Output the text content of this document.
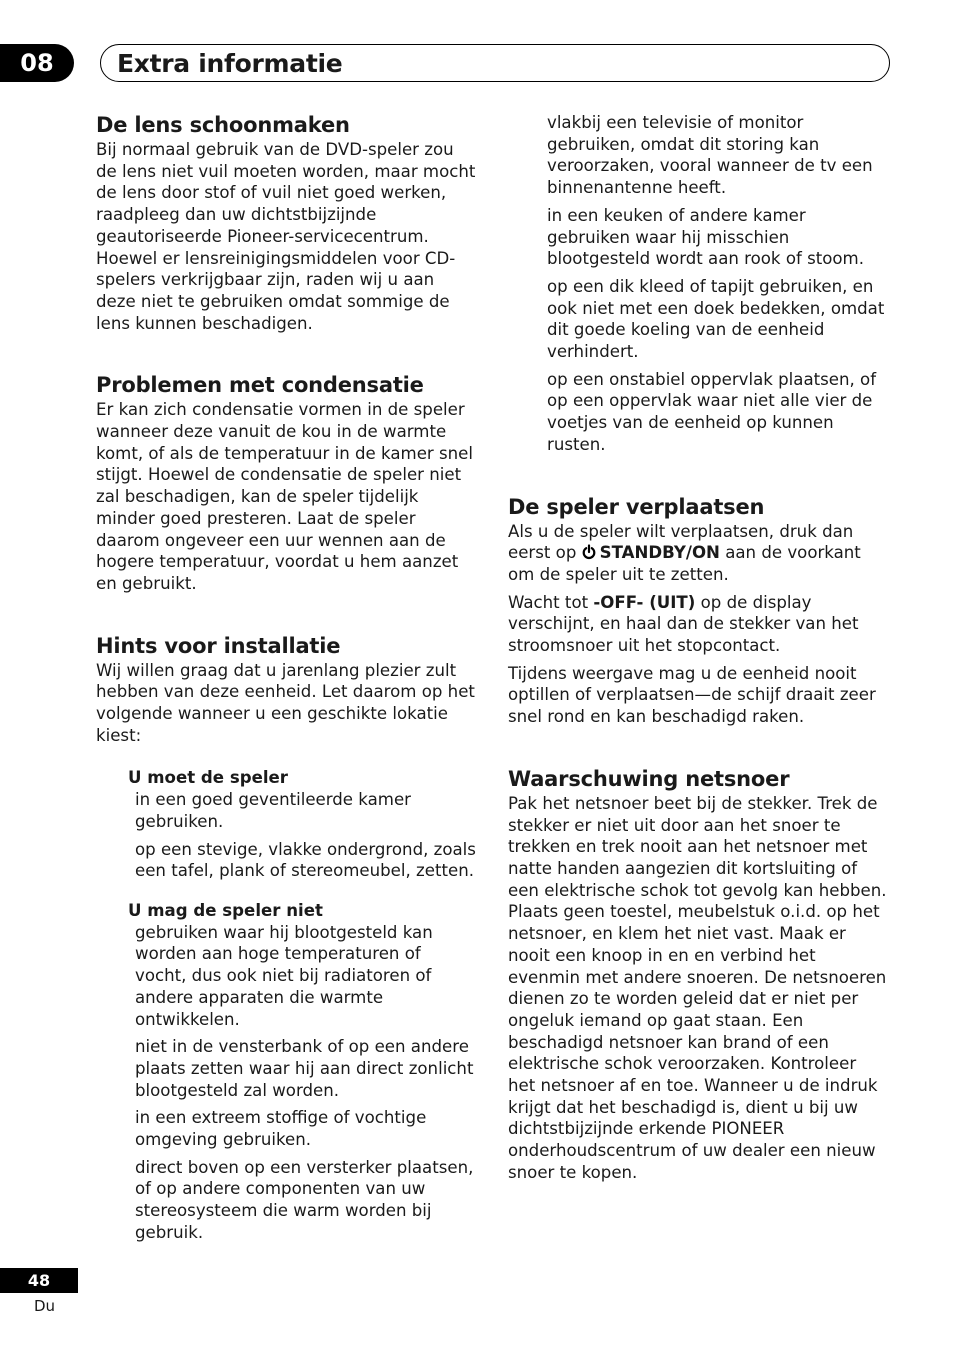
08	Extra informatie
De lens schoonmaken

Bij normaal gebruik van de DVD-speler zou
de lens niet vuil moeten worden, maar mocht
de lens door stof of vuil niet goed werken,
raadpleeg dan uw dichtstbijzijnde
geautoriseerde Pioneer-servicecentrum.
Hoewel er lensreinigingsmiddelen voor CD-
spelers verkrijgbaar zijn, raden wij u aan
deze niet te gebruiken omdat sommige de
lens kunnen beschadigen.

Problemen met condensatie

Er kan zich condensatie vormen in de speler
wanneer deze vanuit de kou in de warmte
komt, of als de temperatuur in de kamer snel
stijgt. Hoewel de condensatie de speler niet
zal beschadigen, kan de speler tijdelijk
minder goed presteren. Laat de speler
daarom ongeveer een uur wennen aan de
hogere temperatuur, voordat u hem aanzet
en gebruikt.

Hints voor installatie

Wij willen graag dat u jarenlang plezier zult
hebben van deze eenheid. Let daarom op het
volgende wanneer u een geschikte lokatie
kiest:

U moet de speler

in een goed geventileerde kamer
gebruiken.

op een stevige, vlakke ondergrond, zoals
een tafel, plank of stereomeubel, zetten.

U mag de speler niet

gebruiken waar hij blootgesteld kan
worden aan hoge temperaturen of
vocht, dus ook niet bij radiatoren of
andere apparaten die warmte
ontwikkelen.

niet in de vensterbank of op een andere
plaats zetten waar hij aan direct zonlicht
blootgesteld zal worden.

in een extreem stoffige of vochtige
omgeving gebruiken.

direct boven op een versterker plaatsen,
of op andere componenten van uw
stereosysteem die warm worden bij
gebruik.

vlakbij een televisie of monitor
gebruiken, omdat dit storing kan
veroorzaken, vooral wanneer de tv een
binnenantenne heeft.

in een keuken of andere kamer
gebruiken waar hij misschien
blootgesteld wordt aan rook of stoom.

op een dik kleed of tapijt gebruiken, en
ook niet met een doek bedekken, omdat
dit goede koeling van de eenheid
verhindert.

op een onstabiel oppervlak plaatsen, of
op een oppervlak waar niet alle vier de
voetjes van de eenheid op kunnen
rusten.

De speler verplaatsen

Als u de speler wilt verplaatsen, druk dan
eerst op STANDBY/ON aan de voorkant
om de speler uit te zetten.

Wacht tot -OFF- (UIT) op de display
verschijnt, en haal dan de stekker van het
stroomsnoer uit het stopcontact.

Tijdens weergave mag u de eenheid nooit
optillen of verplaatsen—de schijf draait zeer
snel rond en kan beschadigd raken.

Waarschuwing netsnoer

Pak het netsnoer beet bij de stekker. Trek de
stekker er niet uit door aan het snoer te
trekken en trek nooit aan het netsnoer met
natte handen aangezien dit kortsluiting of
een elektrische schok tot gevolg kan hebben.
Plaats geen toestel, meubelstuk o.i.d. op het
netsnoer, en klem het niet vast. Maak er
nooit een knoop in en en verbind het
evenmin met andere snoeren. De netsnoeren
dienen zo te worden geleid dat er niet per
ongeluk iemand op gaat staan. Een
beschadigd netsnoer kan brand of een
elektrische schok veroorzaken. Kontroleer
het netsnoer af en toe. Wanneer u de indruk
krijgt dat het beschadigd is, dient u bij uw
dichtstbijzijnde erkende PIONEER
onderhoudscentrum of uw dealer een nieuw
snoer te kopen.

48
Du
